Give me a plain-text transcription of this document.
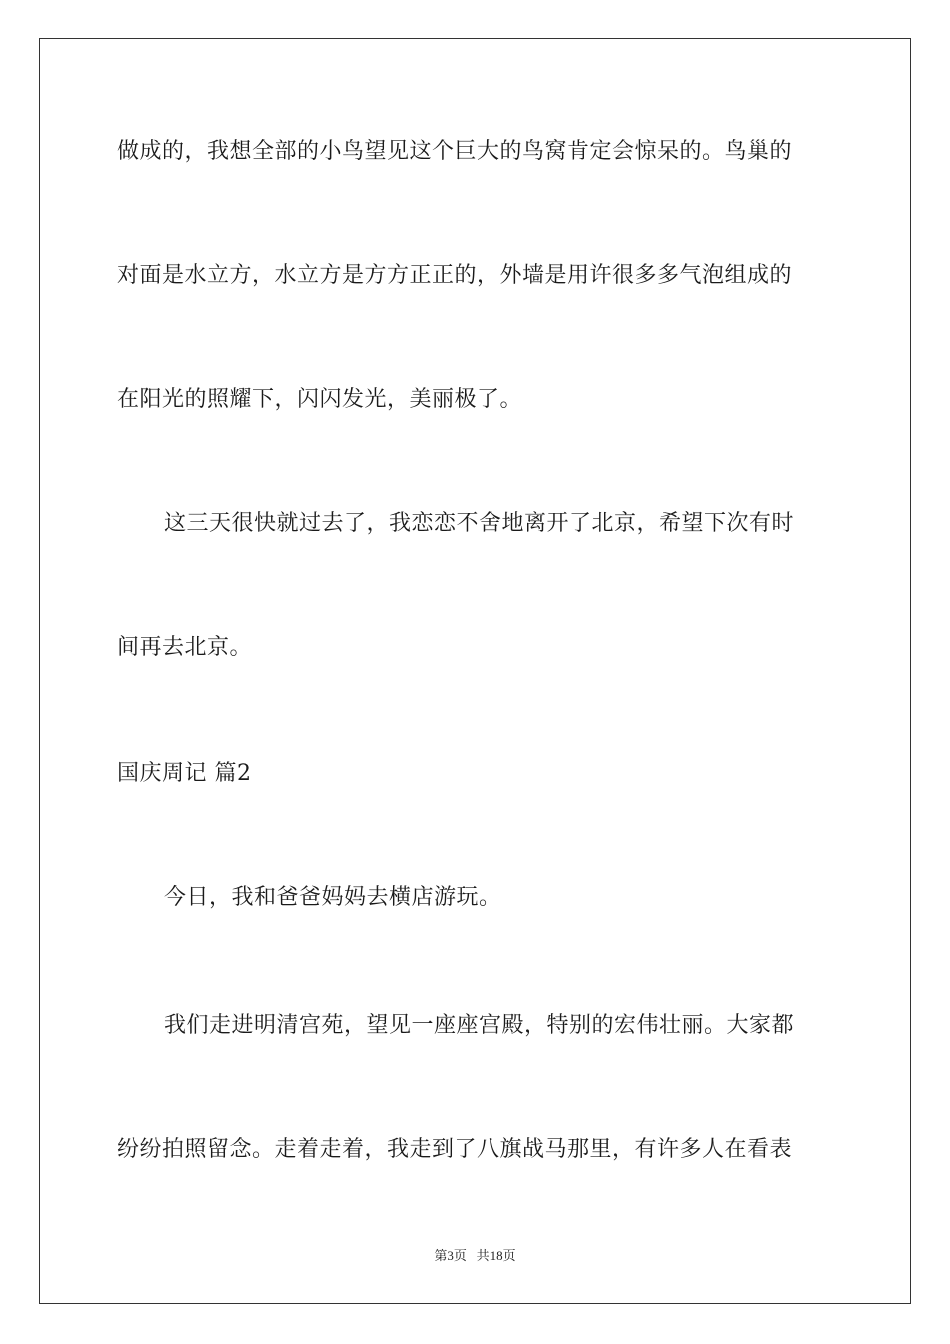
做成的，我想全部的小鸟望见这个巨大的鸟窝肯定会惊呆的。鸟巢的
对面是水立方，水立方是方方正正的，外墙是用许很多多气泡组成的
在阳光的照耀下，闪闪发光，美丽极了。
这三天很快就过去了，我恋恋不舍地离开了北京，希望下次有时
间再去北京。
国庆周记 篇2
今日，我和爸爸妈妈去横店游玩。
我们走进明清宫苑，望见一座座宫殿，特别的宏伟壮丽。大家都
纷纷拍照留念。走着走着，我走到了八旗战马那里，有许多人在看表
第3页 共18页
